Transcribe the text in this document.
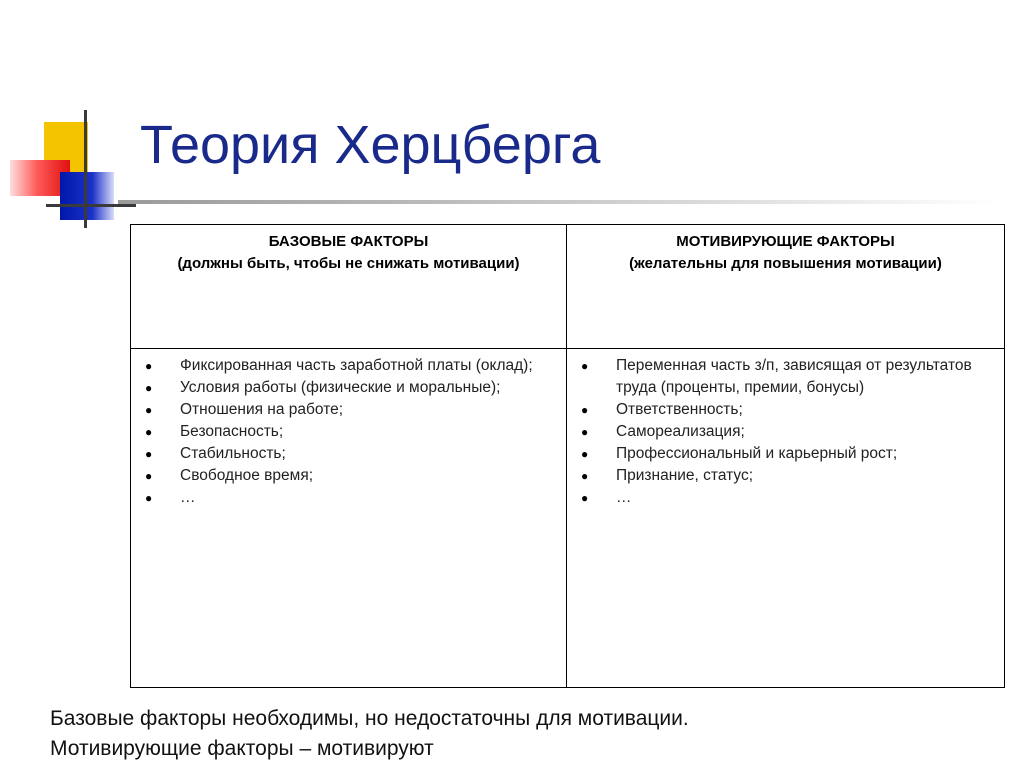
Теория Херцберга
БАЗОВЫЕ ФАКТОРЫ
(должны быть, чтобы не снижать мотивации)
МОТИВИРУЮЩИЕ ФАКТОРЫ
(желательны для повышения мотивации)
● Фиксированная часть заработной платы (оклад);
● Условия работы (физические и моральные);
● Отношения на работе;
● Безопасность;
● Стабильность;
● Свободное время;
● …
● Переменная часть з/п, зависящая от результатов труда (проценты, премии, бонусы)
● Ответственность;
● Самореализация;
● Профессиональный и карьерный рост;
● Признание, статус;
● …
Базовые факторы необходимы, но недостаточны для мотивации.
Мотивирующие факторы – мотивируют
